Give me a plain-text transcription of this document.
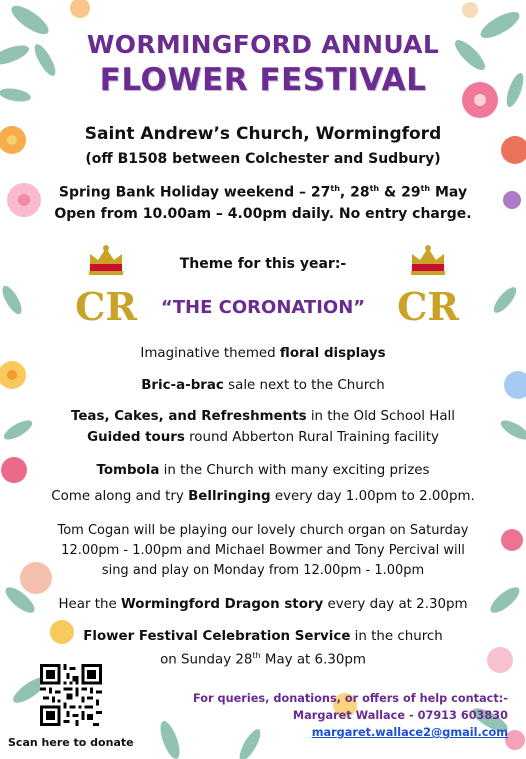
CR	CR
WORMINGFORD ANNUAL
FLOWER FESTIVAL
Saint Andrew’s Church, Wormingford
(off B1508 between Colchester and Sudbury)
Spring Bank Holiday weekend – 27th, 28th & 29th May
Open from 10.00am – 4.00pm daily. No entry charge.
Theme for this year:-
“THE CORONATION”
Imaginative themed floral displays
Bric-a-brac sale next to the Church
Teas, Cakes, and Refreshments in the Old School Hall
Guided tours round Abberton Rural Training facility
Tombola in the Church with many exciting prizes
Come along and try Bellringing every day 1.00pm to 2.00pm.
Tom Cogan will be playing our lovely church organ on Saturday
12.00pm - 1.00pm and Michael Bowmer and Tony Percival will
sing and play on Monday from 12.00pm - 1.00pm
Hear the Wormingford Dragon story every day at 2.30pm
Flower Festival Celebration Service in the church
on Sunday 28th May at 6.30pm
Scan here to donate
For queries, donations, or offers of help contact:-
Margaret Wallace - 07913 603830
margaret.wallace2@gmail.com
